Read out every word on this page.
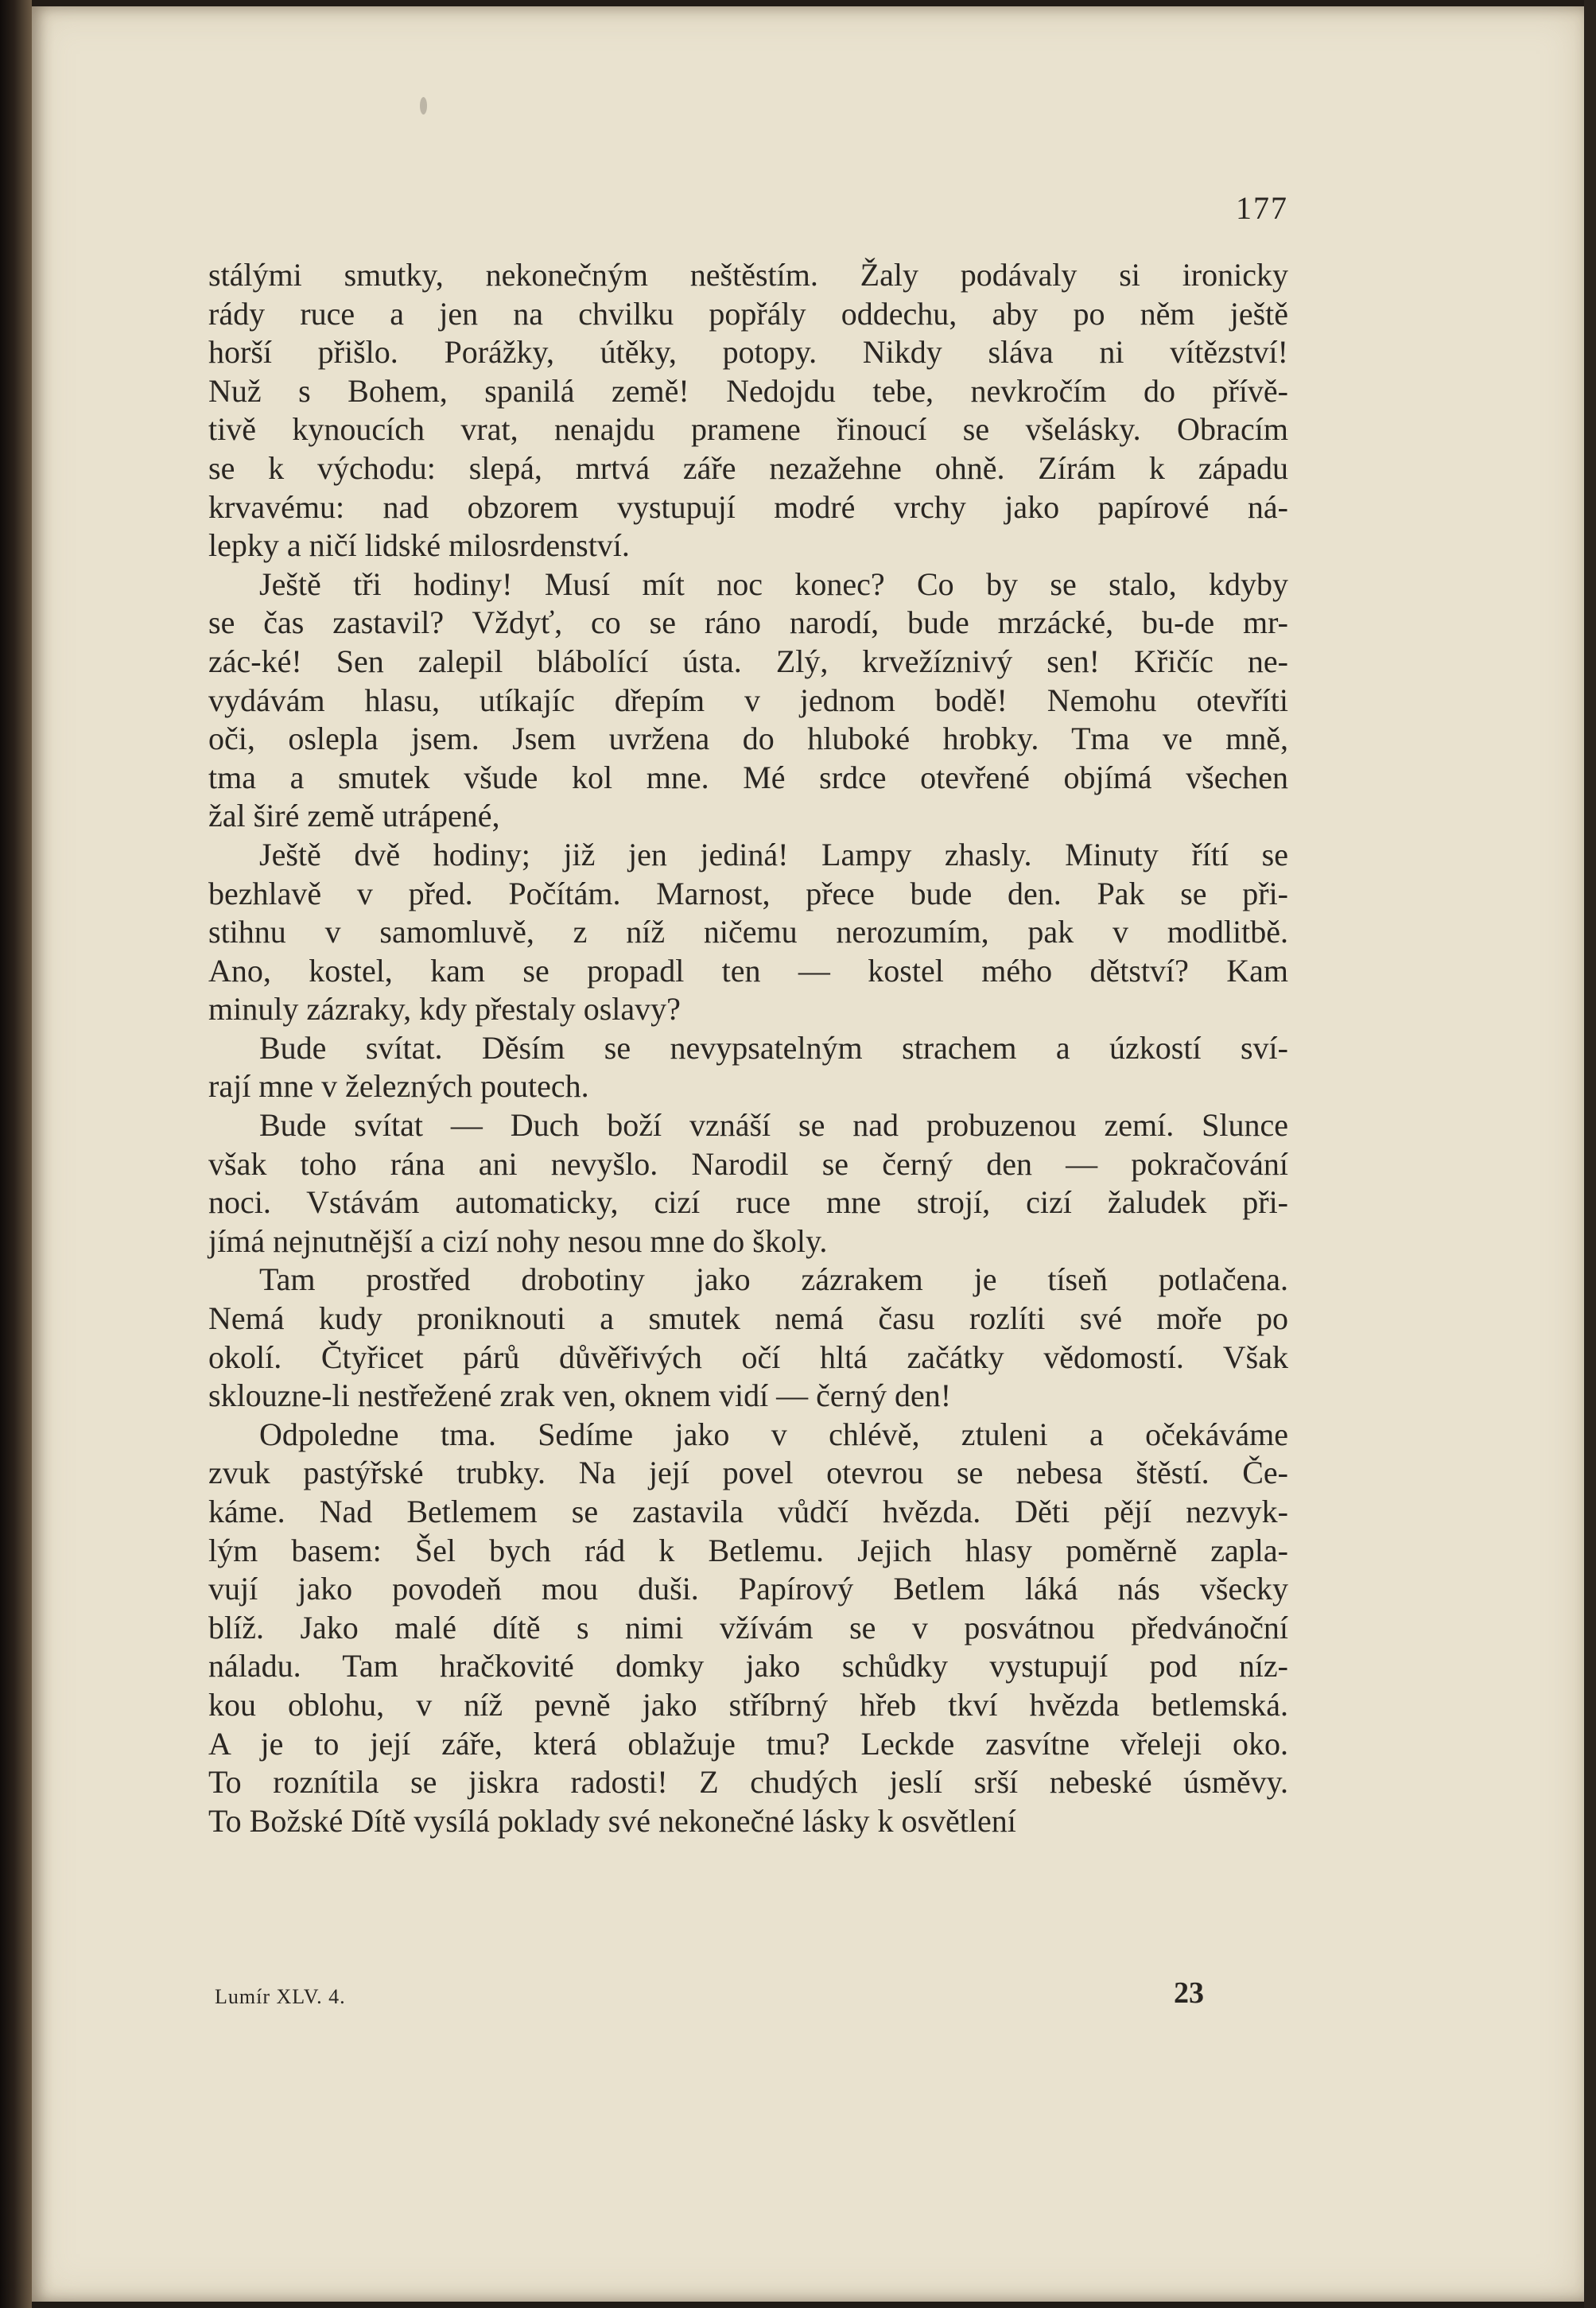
177
stálými smutky, nekonečným neštěstím. Žaly podávaly si ironicky
rády ruce a jen na chvilku popřály oddechu, aby po něm ještě
horší přišlo. Porážky, útěky, potopy. Nikdy sláva ni vítězství!
Nuž s Bohem, spanilá země! Nedojdu tebe, nevkročím do přívě-
tivě kynoucích vrat, nenajdu pramene řinoucí se všelásky. Obracím
se k východu: slepá, mrtvá záře nezažehne ohně. Zírám k západu
krvavému: nad obzorem vystupují modré vrchy jako papírové ná-
lepky a ničí lidské milosrdenství.
Ještě tři hodiny! Musí mít noc konec? Co by se stalo, kdyby
se čas zastavil? Vždyť, co se ráno narodí, bude mrzácké, bu-de mr-
zác-ké! Sen zalepil blábolící ústa. Zlý, krvežíznivý sen! Křičíc ne-
vydávám hlasu, utíkajíc dřepím v jednom bodě! Nemohu otevříti
oči, oslepla jsem. Jsem uvržena do hluboké hrobky. Tma ve mně,
tma a smutek všude kol mne. Mé srdce otevřené objímá všechen
žal širé země utrápené,
Ještě dvě hodiny; již jen jediná! Lampy zhasly. Minuty řítí se
bezhlavě v před. Počítám. Marnost, přece bude den. Pak se při-
stihnu v samomluvě, z níž ničemu nerozumím, pak v modlitbě.
Ano, kostel, kam se propadl ten — kostel mého dětství? Kam
minuly zázraky, kdy přestaly oslavy?
Bude svítat. Děsím se nevypsatelným strachem a úzkostí sví-
rají mne v železných poutech.
Bude svítat — Duch boží vznáší se nad probuzenou zemí. Slunce
však toho rána ani nevyšlo. Narodil se černý den — pokračování
noci. Vstávám automaticky, cizí ruce mne strojí, cizí žaludek při-
jímá nejnutnější a cizí nohy nesou mne do školy.
Tam prostřed drobotiny jako zázrakem je tíseň potlačena.
Nemá kudy proniknouti a smutek nemá času rozlíti své moře po
okolí. Čtyřicet párů důvěřivých očí hltá začátky vědomostí. Však
sklouzne-li nestřežené zrak ven, oknem vidí — černý den!
Odpoledne tma. Sedíme jako v chlévě, ztuleni a očekáváme
zvuk pastýřské trubky. Na její povel otevrou se nebesa štěstí. Če-
káme. Nad Betlemem se zastavila vůdčí hvězda. Děti pějí nezvyk-
lým basem: Šel bych rád k Betlemu. Jejich hlasy poměrně zapla-
vují jako povodeň mou duši. Papírový Betlem láká nás všecky
blíž. Jako malé dítě s nimi vžívám se v posvátnou předvánoční
náladu. Tam hračkovité domky jako schůdky vystupují pod níz-
kou oblohu, v níž pevně jako stříbrný hřeb tkví hvězda betlemská.
A je to její záře, která oblažuje tmu? Leckde zasvítne vřeleji oko.
To roznítila se jiskra radosti! Z chudých jeslí srší nebeské úsměvy.
To Božské Dítě vysílá poklady své nekonečné lásky k osvětlení
Lumír XLV. 4.	23
